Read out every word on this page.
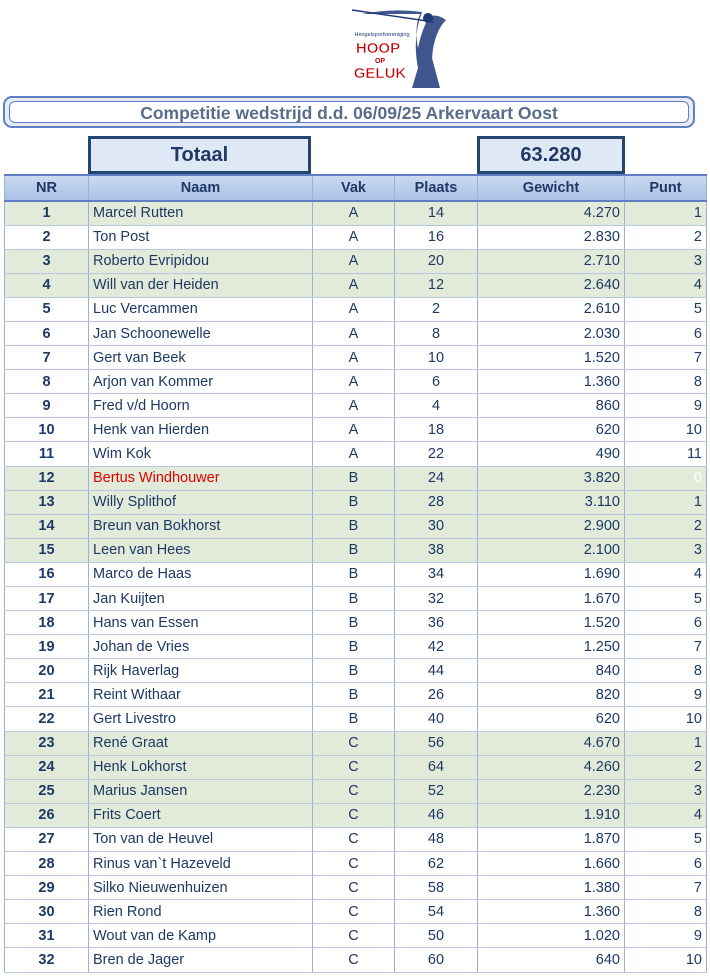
Hengelsportvereniging
HOOP
OP
GELUK
Competitie wedstrijd d.d. 06/09/25 Arkervaart Oost
Totaal	63.280
NR	Naam	Vak	Plaats	Gewicht	Punt
1	Marcel Rutten	A	14	4.270	1
2	Ton Post	A	16	2.830	2
3	Roberto Evripidou	A	20	2.710	3
4	Will van der Heiden	A	12	2.640	4
5	Luc Vercammen	A	2	2.610	5
6	Jan Schoonewelle	A	8	2.030	6
7	Gert van Beek	A	10	1.520	7
8	Arjon van Kommer	A	6	1.360	8
9	Fred v/d Hoorn	A	4	860	9
10	Henk van Hierden	A	18	620	10
11	Wim Kok	A	22	490	11
12	Bertus Windhouwer	B	24	3.820	0
13	Willy Splithof	B	28	3.110	1
14	Breun van Bokhorst	B	30	2.900	2
15	Leen van Hees	B	38	2.100	3
16	Marco de Haas	B	34	1.690	4
17	Jan Kuijten	B	32	1.670	5
18	Hans van Essen	B	36	1.520	6
19	Johan de Vries	B	42	1.250	7
20	Rijk Haverlag	B	44	840	8
21	Reint Withaar	B	26	820	9
22	Gert Livestro	B	40	620	10
23	René Graat	C	56	4.670	1
24	Henk Lokhorst	C	64	4.260	2
25	Marius Jansen	C	52	2.230	3
26	Frits Coert	C	46	1.910	4
27	Ton van de Heuvel	C	48	1.870	5
28	Rinus van`t Hazeveld	C	62	1.660	6
29	Silko Nieuwenhuizen	C	58	1.380	7
30	Rien Rond	C	54	1.360	8
31	Wout van de Kamp	C	50	1.020	9
32	Bren de Jager	C	60	640	10
